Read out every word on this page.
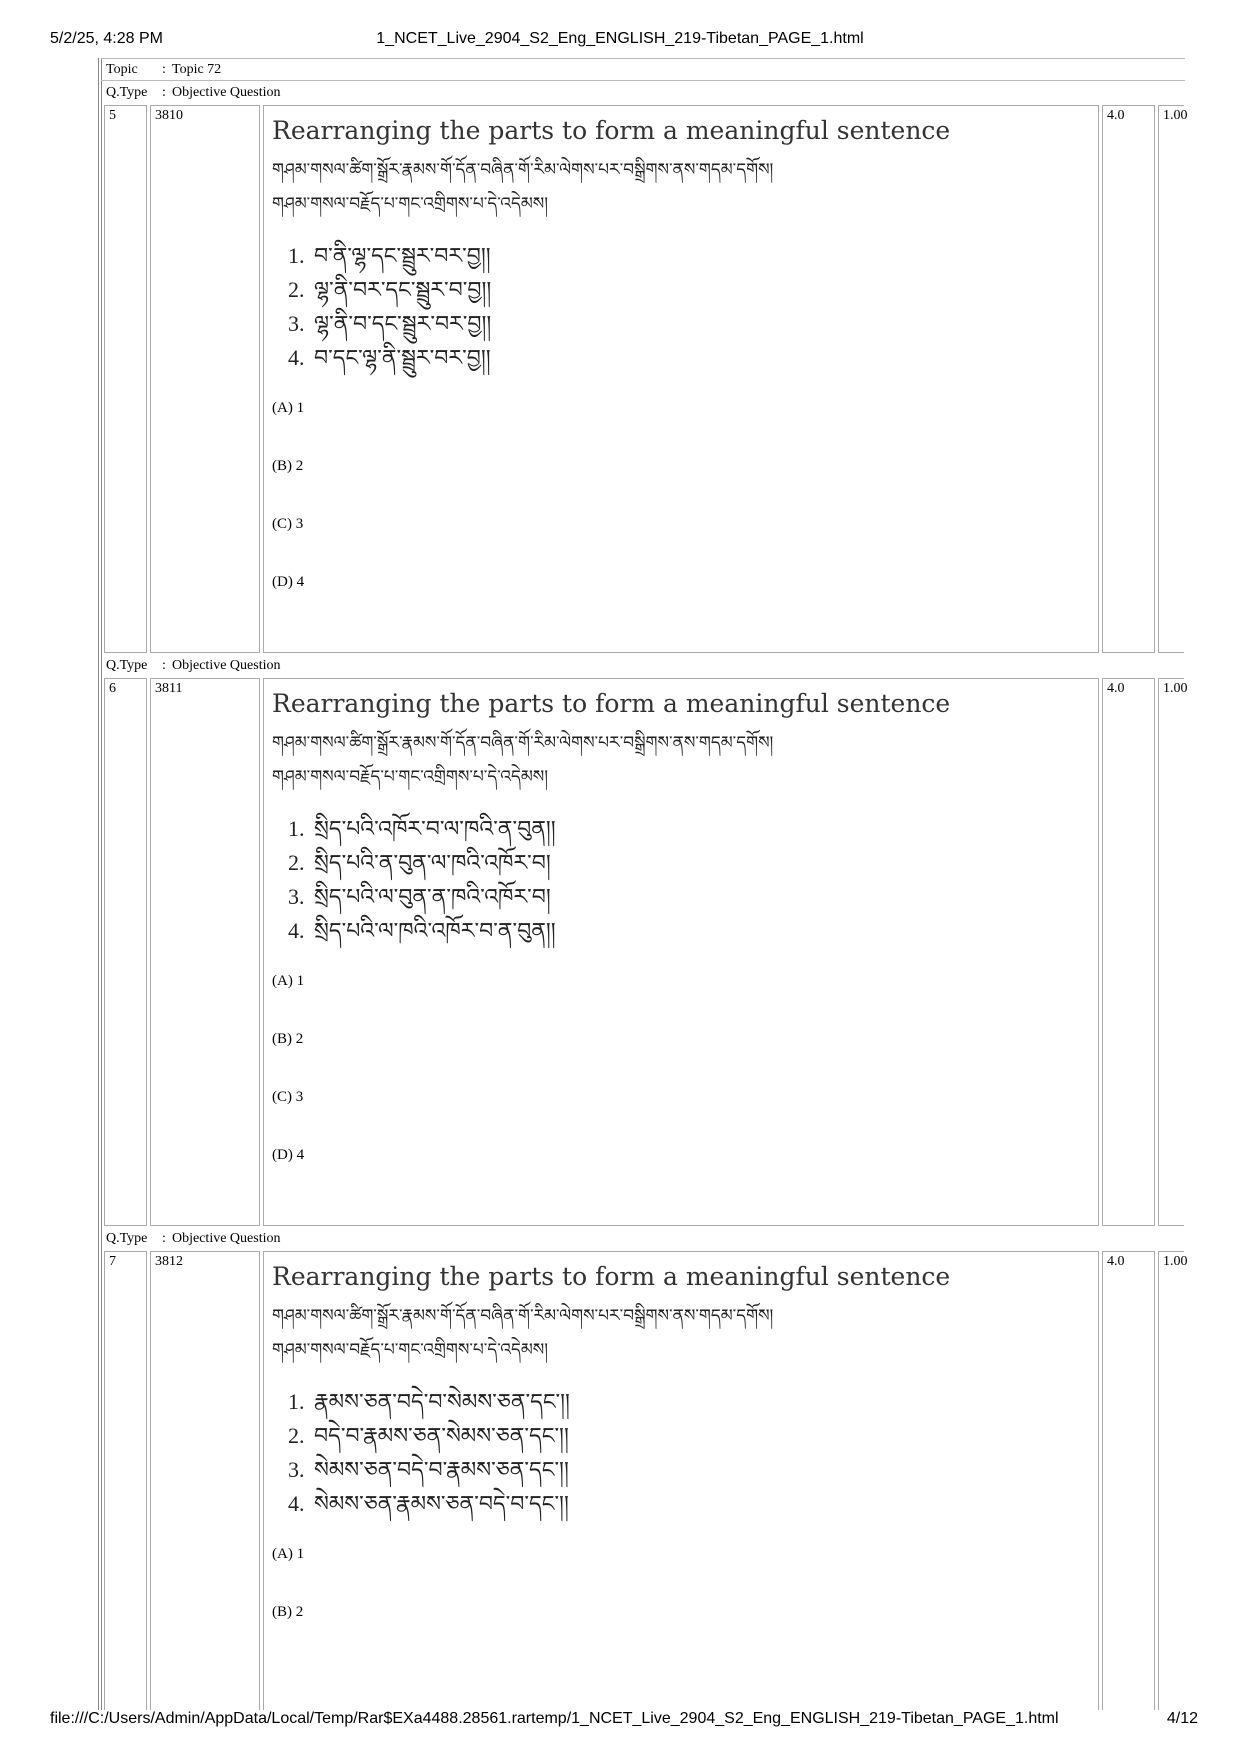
5/2/25, 4:28 PM	1_NCET_Live_2904_S2_Eng_ENGLISH_219-Tibetan_PAGE_1.html
Topic : Topic 72
Q.Type : Objective Question
5	3810
Rearranging the parts to form a meaningful sentence
གཤམ་གསལ་ཚིག་སྒྲོར་རྣམས་གོ་དོན་བཞིན་གོ་རིམ་ལེགས་པར་བསྒྲིགས་ནས་གདམ་དགོས།
གཤམ་གསལ་བརྗོད་པ་གང་འགྲིགས་པ་དེ་འདེམས།
1. བ་ནི་ལྷ་དང་སྦྲུར་བར་བྱ།།
2. ལྷ་ནི་བར་དང་སྦྲུར་བ་བྱ།།
3. ལྷ་ནི་བ་དང་སྦྲུར་བར་བྱ།།
4. བ་དང་ལྷ་ནི་སྦྲུར་བར་བྱ།།
(A) 1
(B) 2
(C) 3
(D) 4
4.0	1.00
Q.Type : Objective Question
6	3811
Rearranging the parts to form a meaningful sentence
གཤམ་གསལ་ཚིག་སྒྲོར་རྣམས་གོ་དོན་བཞིན་གོ་རིམ་ལེགས་པར་བསྒྲིགས་ནས་གདམ་དགོས།
གཤམ་གསལ་བརྗོད་པ་གང་འགྲིགས་པ་དེ་འདེམས།
1. སྲིད་པའི་འཁོར་བ་ལ་ཁའི་ན་བུན།།
2. སྲིད་པའི་ན་བུན་ལ་ཁའི་འཁོར་བ།
3. སྲིད་པའི་ལ་བུན་ན་ཁའི་འཁོར་བ།
4. སྲིད་པའི་ལ་ཁའི་འཁོར་བ་ན་བུན།།
(A) 1
(B) 2
(C) 3
(D) 4
4.0	1.00
Q.Type : Objective Question
7	3812
Rearranging the parts to form a meaningful sentence
གཤམ་གསལ་ཚིག་སྒྲོར་རྣམས་གོ་དོན་བཞིན་གོ་རིམ་ལེགས་པར་བསྒྲིགས་ནས་གདམ་དགོས།
གཤམ་གསལ་བརྗོད་པ་གང་འགྲིགས་པ་དེ་འདེམས།
1. རྣམས་ཅན་བདེ་བ་སེམས་ཅན་དང་།།
2. བདེ་བ་རྣམས་ཅན་སེམས་ཅན་དང་།།
3. སེམས་ཅན་བདེ་བ་རྣམས་ཅན་དང་།།
4. སེམས་ཅན་རྣམས་ཅན་བདེ་བ་དང་།།
(A) 1
(B) 2
4.0	1.00
file:///C:/Users/Admin/AppData/Local/Temp/Rar$EXa4488.28561.rartemp/1_NCET_Live_2904_S2_Eng_ENGLISH_219-Tibetan_PAGE_1.html	4/12
